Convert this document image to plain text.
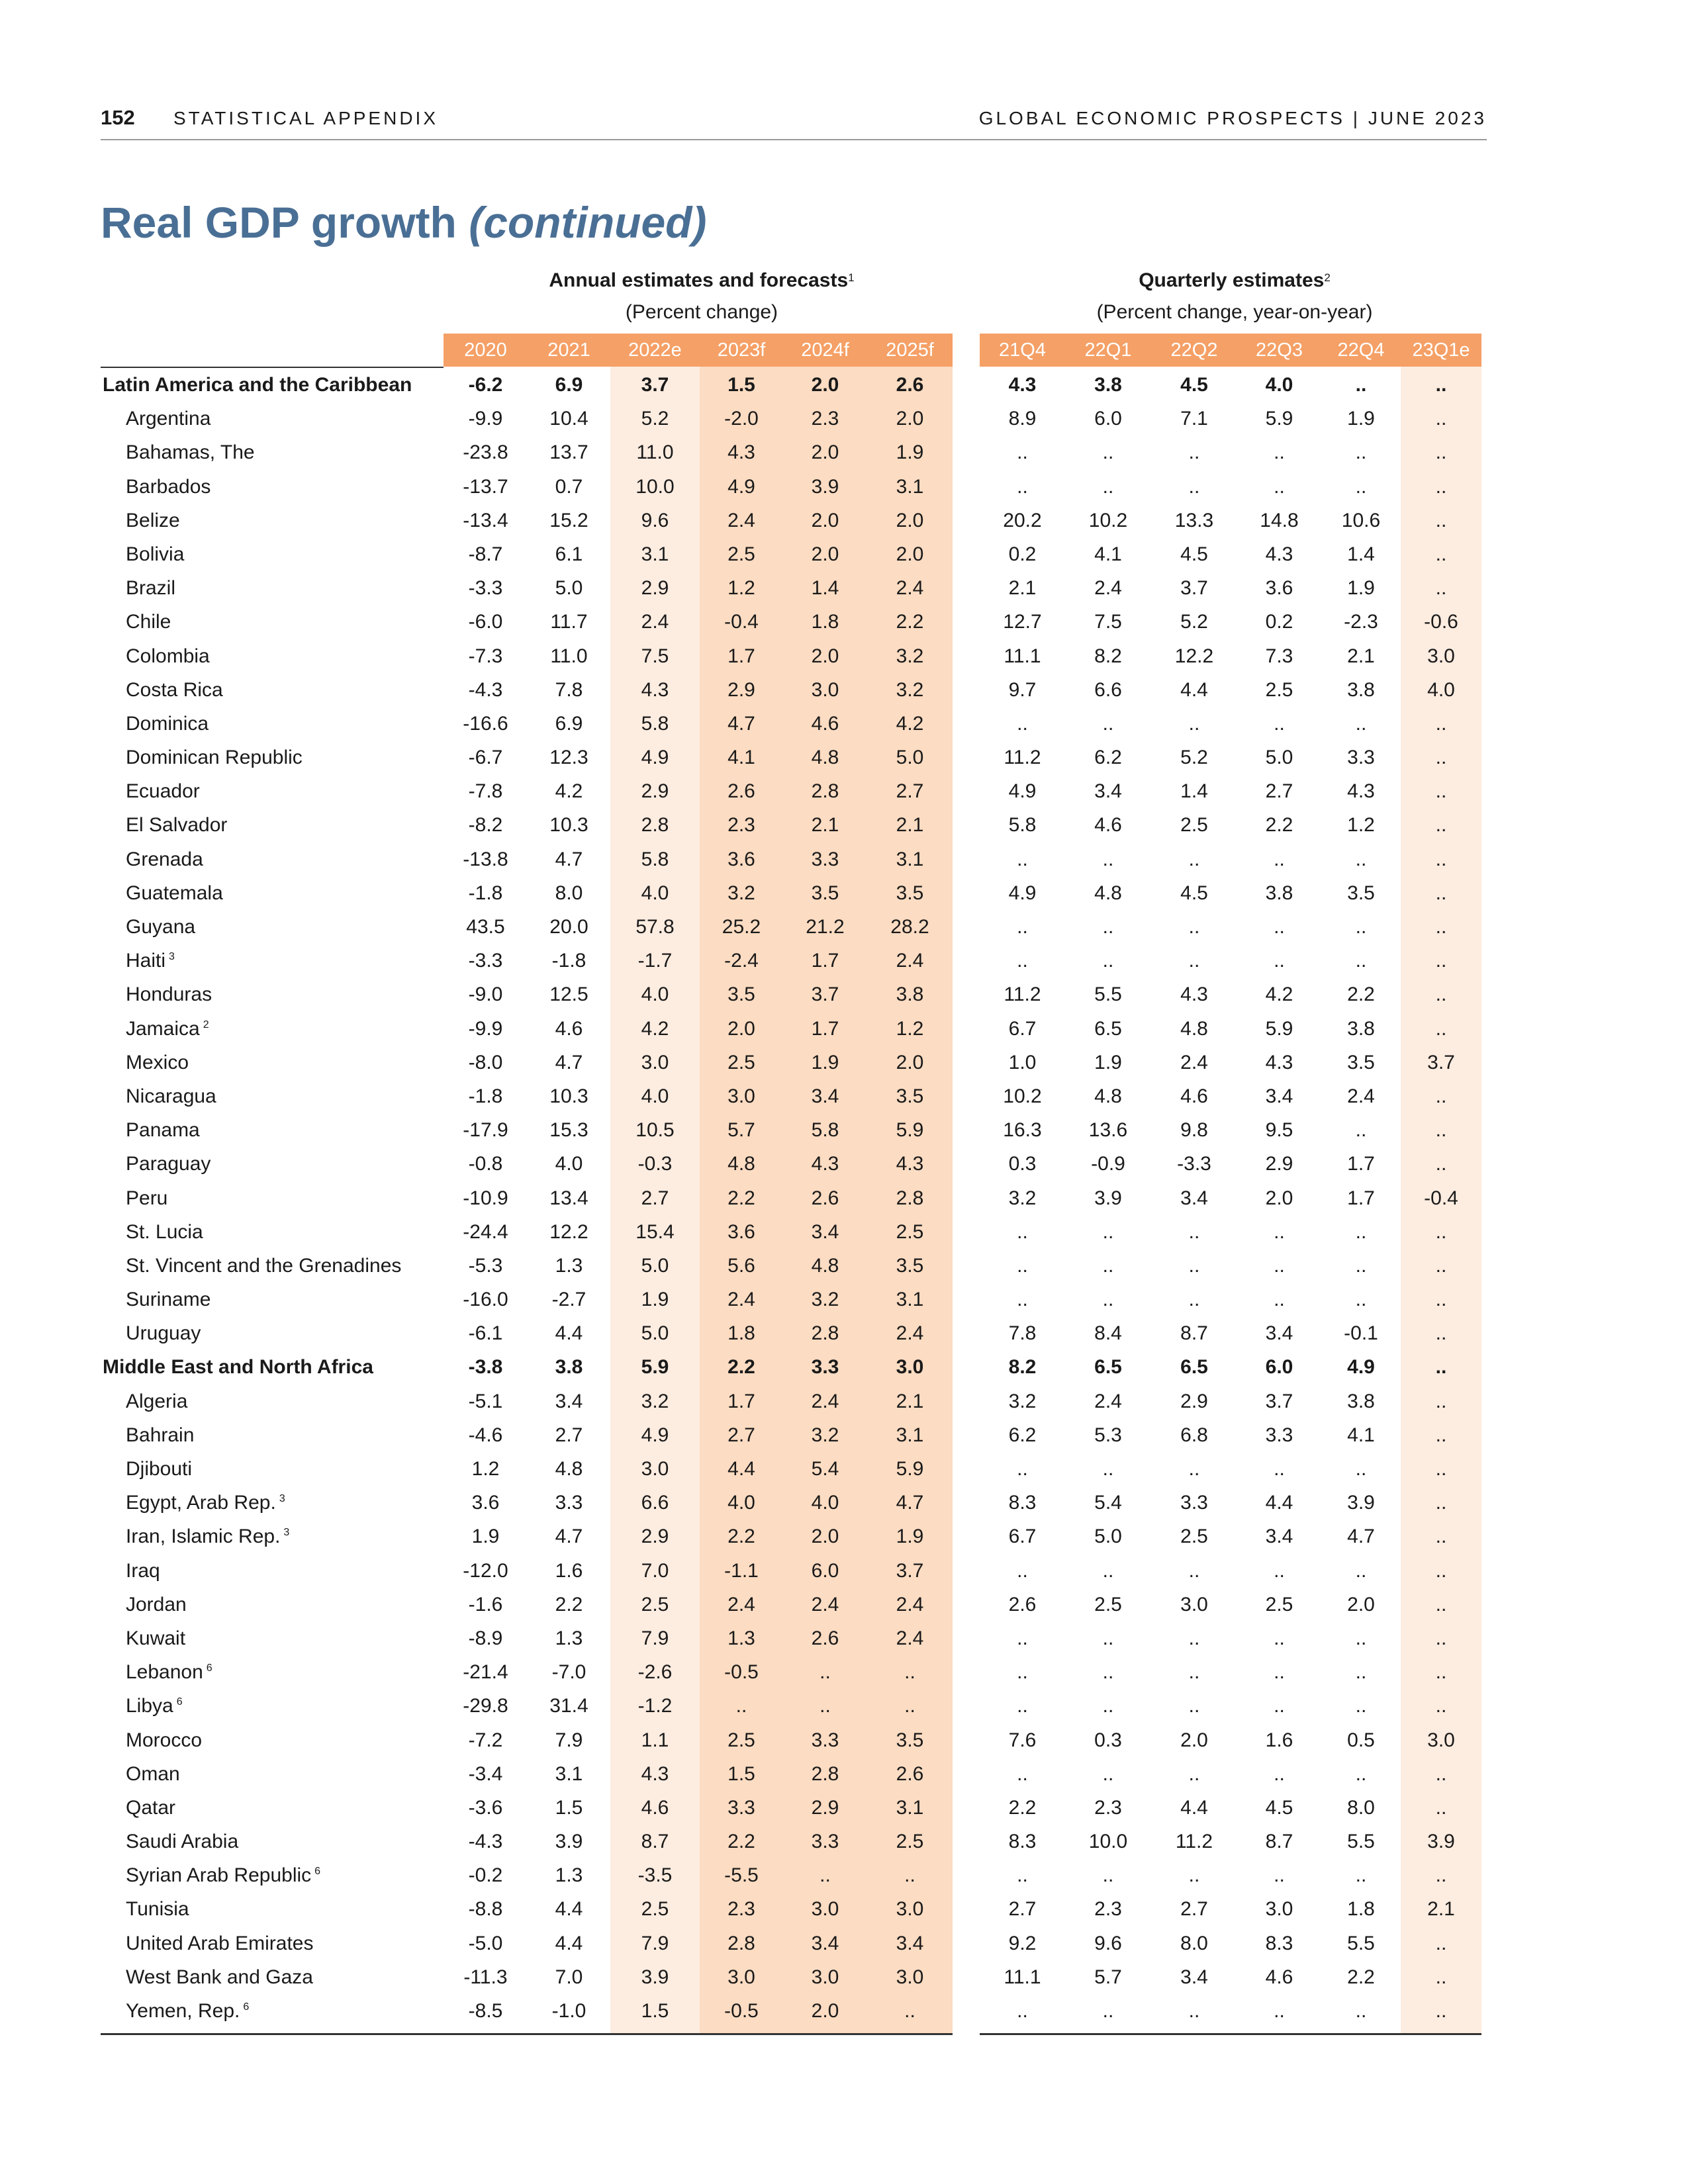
152 STATISTICAL APPENDIX	GLOBAL ECONOMIC PROSPECTS | JUNE 2023
Real GDP growth (continued)
Annual estimates and forecasts$^1$
(Percent change)
Quarterly estimates$^2$
(Percent change, year-on-year)
2020	2021	2022e	2023f	2024f	2025f	21Q4	22Q1	22Q2	22Q3	22Q4	23Q1e
Latin America and the Caribbean	-6.2	6.9	3.7	1.5	2.0	2.6	4.3	3.8	4.5	4.0	..	..
Argentina	-9.9	10.4	5.2	-2.0	2.3	2.0	8.9	6.0	7.1	5.9	1.9	..
Bahamas, The	-23.8	13.7	11.0	4.3	2.0	1.9	..	..	..	..	..	..
Barbados	-13.7	0.7	10.0	4.9	3.9	3.1	..	..	..	..	..	..
Belize	-13.4	15.2	9.6	2.4	2.0	2.0	20.2	10.2	13.3	14.8	10.6	..
Bolivia	-8.7	6.1	3.1	2.5	2.0	2.0	0.2	4.1	4.5	4.3	1.4	..
Brazil	-3.3	5.0	2.9	1.2	1.4	2.4	2.1	2.4	3.7	3.6	1.9	..
Chile	-6.0	11.7	2.4	-0.4	1.8	2.2	12.7	7.5	5.2	0.2	-2.3	-0.6
Colombia	-7.3	11.0	7.5	1.7	2.0	3.2	11.1	8.2	12.2	7.3	2.1	3.0
Costa Rica	-4.3	7.8	4.3	2.9	3.0	3.2	9.7	6.6	4.4	2.5	3.8	4.0
Dominica	-16.6	6.9	5.8	4.7	4.6	4.2	..	..	..	..	..	..
Dominican Republic	-6.7	12.3	4.9	4.1	4.8	5.0	11.2	6.2	5.2	5.0	3.3	..
Ecuador	-7.8	4.2	2.9	2.6	2.8	2.7	4.9	3.4	1.4	2.7	4.3	..
El Salvador	-8.2	10.3	2.8	2.3	2.1	2.1	5.8	4.6	2.5	2.2	1.2	..
Grenada	-13.8	4.7	5.8	3.6	3.3	3.1	..	..	..	..	..	..
Guatemala	-1.8	8.0	4.0	3.2	3.5	3.5	4.9	4.8	4.5	3.8	3.5	..
Guyana	43.5	20.0	57.8	25.2	21.2	28.2	..	..	..	..	..	..
Haiti $^3$	-3.3	-1.8	-1.7	-2.4	1.7	2.4	..	..	..	..	..	..
Honduras	-9.0	12.5	4.0	3.5	3.7	3.8	11.2	5.5	4.3	4.2	2.2	..
Jamaica $^2$	-9.9	4.6	4.2	2.0	1.7	1.2	6.7	6.5	4.8	5.9	3.8	..
Mexico	-8.0	4.7	3.0	2.5	1.9	2.0	1.0	1.9	2.4	4.3	3.5	3.7
Nicaragua	-1.8	10.3	4.0	3.0	3.4	3.5	10.2	4.8	4.6	3.4	2.4	..
Panama	-17.9	15.3	10.5	5.7	5.8	5.9	16.3	13.6	9.8	9.5	..	..
Paraguay	-0.8	4.0	-0.3	4.8	4.3	4.3	0.3	-0.9	-3.3	2.9	1.7	..
Peru	-10.9	13.4	2.7	2.2	2.6	2.8	3.2	3.9	3.4	2.0	1.7	-0.4
St. Lucia	-24.4	12.2	15.4	3.6	3.4	2.5	..	..	..	..	..	..
St. Vincent and the Grenadines	-5.3	1.3	5.0	5.6	4.8	3.5	..	..	..	..	..	..
Suriname	-16.0	-2.7	1.9	2.4	3.2	3.1	..	..	..	..	..	..
Uruguay	-6.1	4.4	5.0	1.8	2.8	2.4	7.8	8.4	8.7	3.4	-0.1	..
Middle East and North Africa	-3.8	3.8	5.9	2.2	3.3	3.0	8.2	6.5	6.5	6.0	4.9	..
Algeria	-5.1	3.4	3.2	1.7	2.4	2.1	3.2	2.4	2.9	3.7	3.8	..
Bahrain	-4.6	2.7	4.9	2.7	3.2	3.1	6.2	5.3	6.8	3.3	4.1	..
Djibouti	1.2	4.8	3.0	4.4	5.4	5.9	..	..	..	..	..	..
Egypt, Arab Rep. $^3$	3.6	3.3	6.6	4.0	4.0	4.7	8.3	5.4	3.3	4.4	3.9	..
Iran, Islamic Rep. $^3$	1.9	4.7	2.9	2.2	2.0	1.9	6.7	5.0	2.5	3.4	4.7	..
Iraq	-12.0	1.6	7.0	-1.1	6.0	3.7	..	..	..	..	..	..
Jordan	-1.6	2.2	2.5	2.4	2.4	2.4	2.6	2.5	3.0	2.5	2.0	..
Kuwait	-8.9	1.3	7.9	1.3	2.6	2.4	..	..	..	..	..	..
Lebanon $^6$	-21.4	-7.0	-2.6	-0.5	..	..	..	..	..	..	..	..
Libya $^6$	-29.8	31.4	-1.2	..	..	..	..	..	..	..	..	..
Morocco	-7.2	7.9	1.1	2.5	3.3	3.5	7.6	0.3	2.0	1.6	0.5	3.0
Oman	-3.4	3.1	4.3	1.5	2.8	2.6	..	..	..	..	..	..
Qatar	-3.6	1.5	4.6	3.3	2.9	3.1	2.2	2.3	4.4	4.5	8.0	..
Saudi Arabia	-4.3	3.9	8.7	2.2	3.3	2.5	8.3	10.0	11.2	8.7	5.5	3.9
Syrian Arab Republic $^6$	-0.2	1.3	-3.5	-5.5	..	..	..	..	..	..	..	..
Tunisia	-8.8	4.4	2.5	2.3	3.0	3.0	2.7	2.3	2.7	3.0	1.8	2.1
United Arab Emirates	-5.0	4.4	7.9	2.8	3.4	3.4	9.2	9.6	8.0	8.3	5.5	..
West Bank and Gaza	-11.3	7.0	3.9	3.0	3.0	3.0	11.1	5.7	3.4	4.6	2.2	..
Yemen, Rep. $^6$	-8.5	-1.0	1.5	-0.5	2.0	..	..	..	..	..	..	..
